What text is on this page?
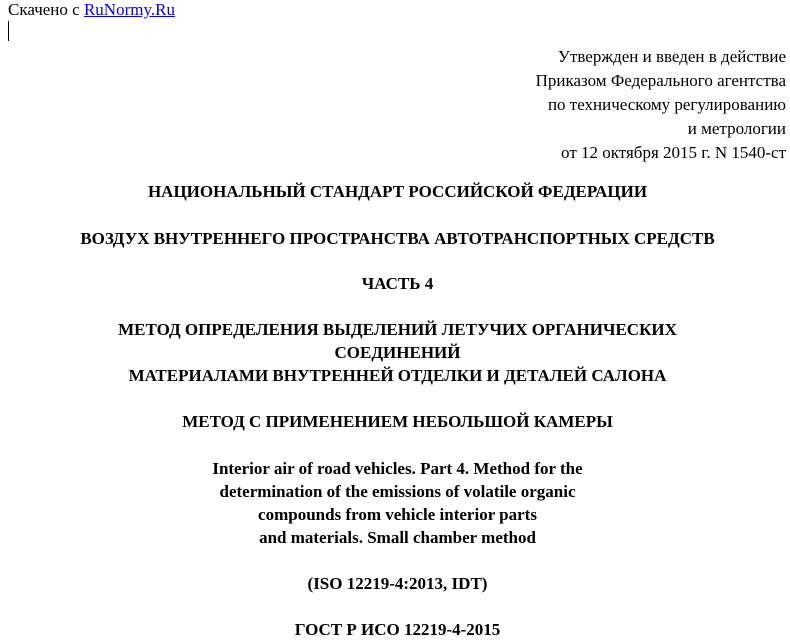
Скачено с RuNormy.Ru
Утвержден и введен в действие
Приказом Федерального агентства
по техническому регулированию
и метрологии
от 12 октября 2015 г. N 1540-ст
НАЦИОНАЛЬНЫЙ СТАНДАРТ РОССИЙСКОЙ ФЕДЕРАЦИИ
ВОЗДУХ ВНУТРЕННЕГО ПРОСТРАНСТВА АВТОТРАНСПОРТНЫХ СРЕДСТВ
ЧАСТЬ 4
МЕТОД ОПРЕДЕЛЕНИЯ ВЫДЕЛЕНИЙ ЛЕТУЧИХ ОРГАНИЧЕСКИХ
СОЕДИНЕНИЙ
МАТЕРИАЛАМИ ВНУТРЕННЕЙ ОТДЕЛКИ И ДЕТАЛЕЙ САЛОНА
МЕТОД С ПРИМЕНЕНИЕМ НЕБОЛЬШОЙ КАМЕРЫ
Interior air of road vehicles. Part 4. Method for the
determination of the emissions of volatile organic
compounds from vehicle interior parts
and materials. Small chamber method
(ISO 12219-4:2013, IDT)
ГОСТ Р ИСО 12219-4-2015
